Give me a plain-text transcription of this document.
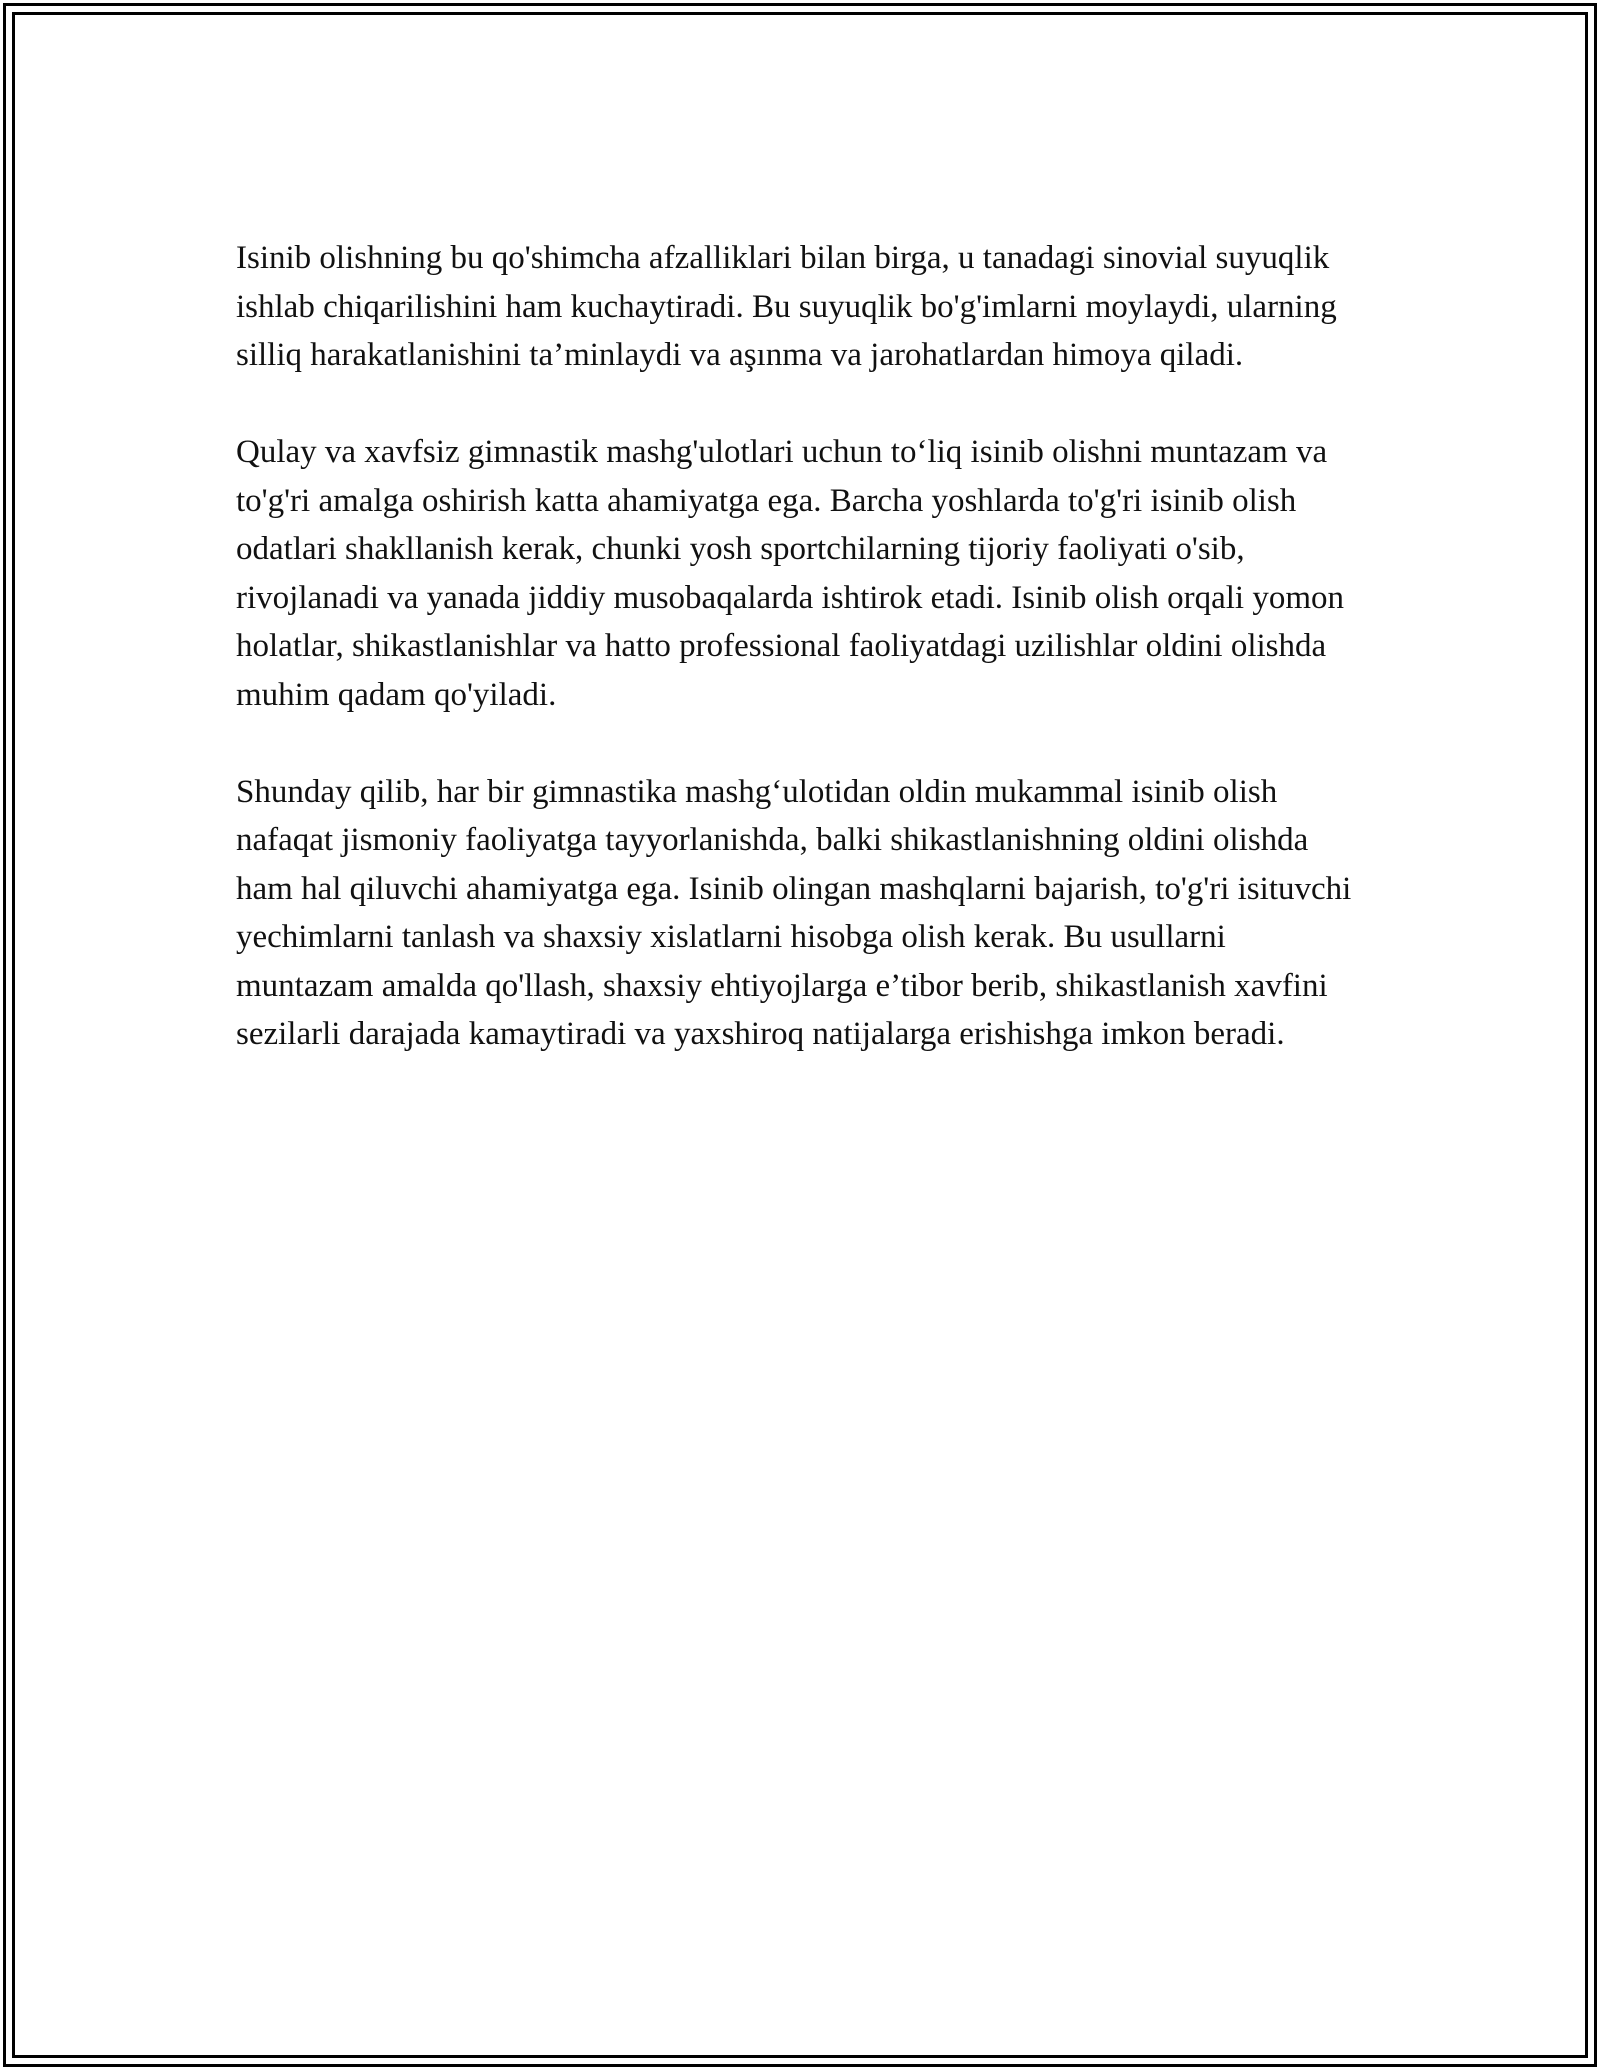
Isinib olishning bu qo'shimcha afzalliklari bilan birga, u tanadagi sinovial suyuqlik ishlab chiqarilishini ham kuchaytiradi. Bu suyuqlik bo'g'imlarni moylaydi, ularning silliq harakatlanishini ta’minlaydi va aşınma va jarohatlardan himoya qiladi.

Qulay va xavfsiz gimnastik mashg'ulotlari uchun to‘liq isinib olishni muntazam va to'g'ri amalga oshirish katta ahamiyatga ega. Barcha yoshlarda to'g'ri isinib olish odatlari shakllanish kerak, chunki yosh sportchilarning tijoriy faoliyati o'sib, rivojlanadi va yanada jiddiy musobaqalarda ishtirok etadi. Isinib olish orqali yomon holatlar, shikastlanishlar va hatto professional faoliyatdagi uzilishlar oldini olishda muhim qadam qo'yiladi.

Shunday qilib, har bir gimnastika mashg‘ulotidan oldin mukammal isinib olish nafaqat jismoniy faoliyatga tayyorlanishda, balki shikastlanishning oldini olishda ham hal qiluvchi ahamiyatga ega. Isinib olingan mashqlarni bajarish, to'g'ri isituvchi yechimlarni tanlash va shaxsiy xislatlarni hisobga olish kerak. Bu usullarni muntazam amalda qo'llash, shaxsiy ehtiyojlarga e’tibor berib, shikastlanish xavfini sezilarli darajada kamaytiradi va yaxshiroq natijalarga erishishga imkon beradi.
